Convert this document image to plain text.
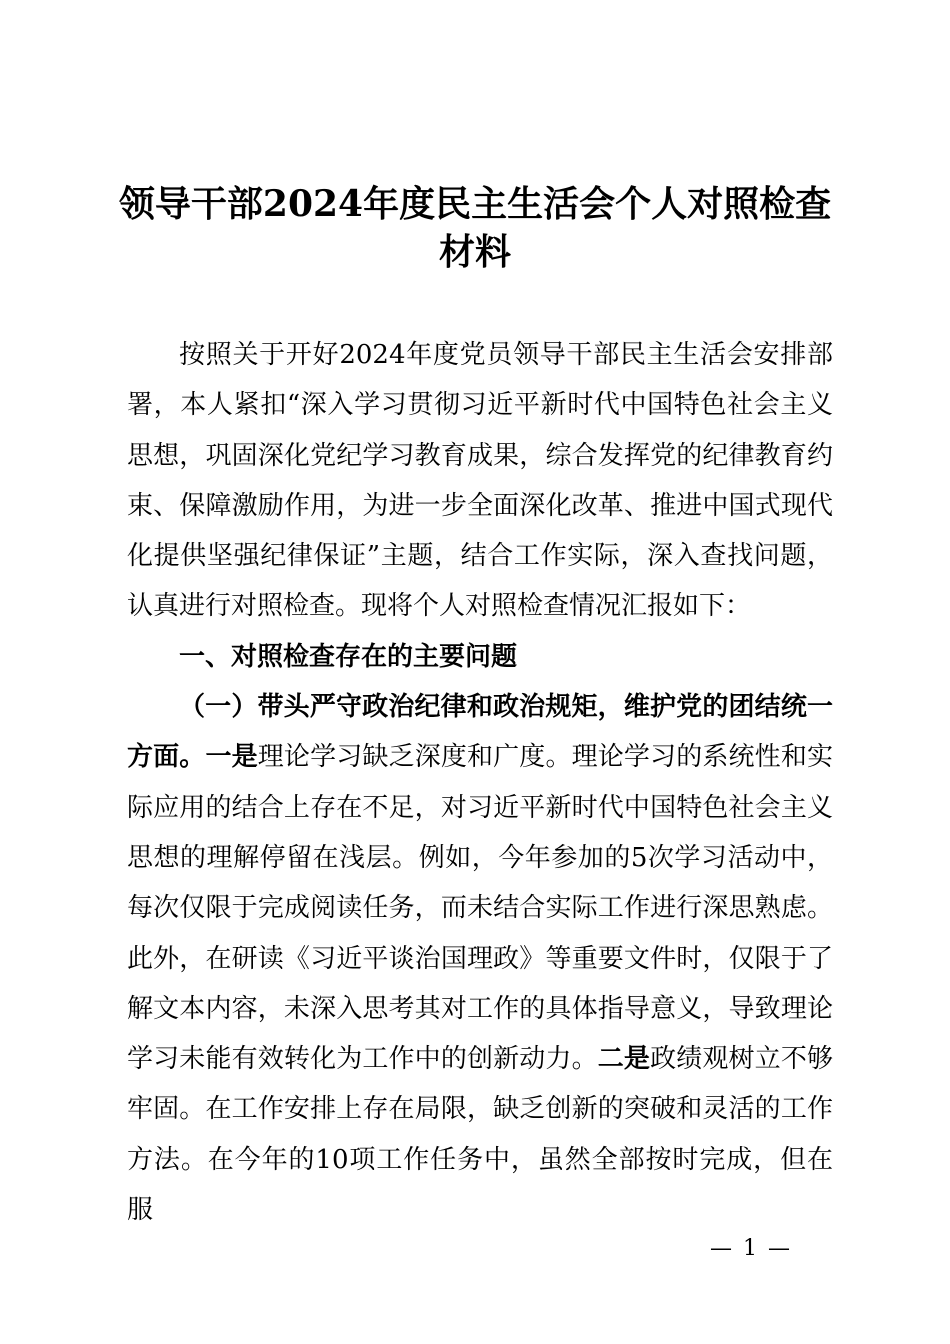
领导干部2024年度民主生活会个人对照检查
材料

按照关于开好2024年度党员领导干部民主生活会安排部署，本人紧扣“深入学习贯彻习近平新时代中国特色社会主义思想，巩固深化党纪学习教育成果，综合发挥党的纪律教育约束、保障激励作用，为进一步全面深化改革、推进中国式现代化提供坚强纪律保证”主题，结合工作实际，深入查找问题，认真进行对照检查。现将个人对照检查情况汇报如下：

一、对照检查存在的主要问题

（一）带头严守政治纪律和政治规矩，维护党的团结统一方面。一是理论学习缺乏深度和广度。理论学习的系统性和实际应用的结合上存在不足，对习近平新时代中国特色社会主义思想的理解停留在浅层。例如，今年参加的5次学习活动中，每次仅限于完成阅读任务，而未结合实际工作进行深思熟虑。此外，在研读《习近平谈治国理政》等重要文件时，仅限于了解文本内容，未深入思考其对工作的具体指导意义，导致理论学习未能有效转化为工作中的创新动力。二是政绩观树立不够牢固。在工作安排上存在局限，缺乏创新的突破和灵活的工作方法。在今年的10项工作任务中，虽然全部按时完成，但在服

— 1 —
